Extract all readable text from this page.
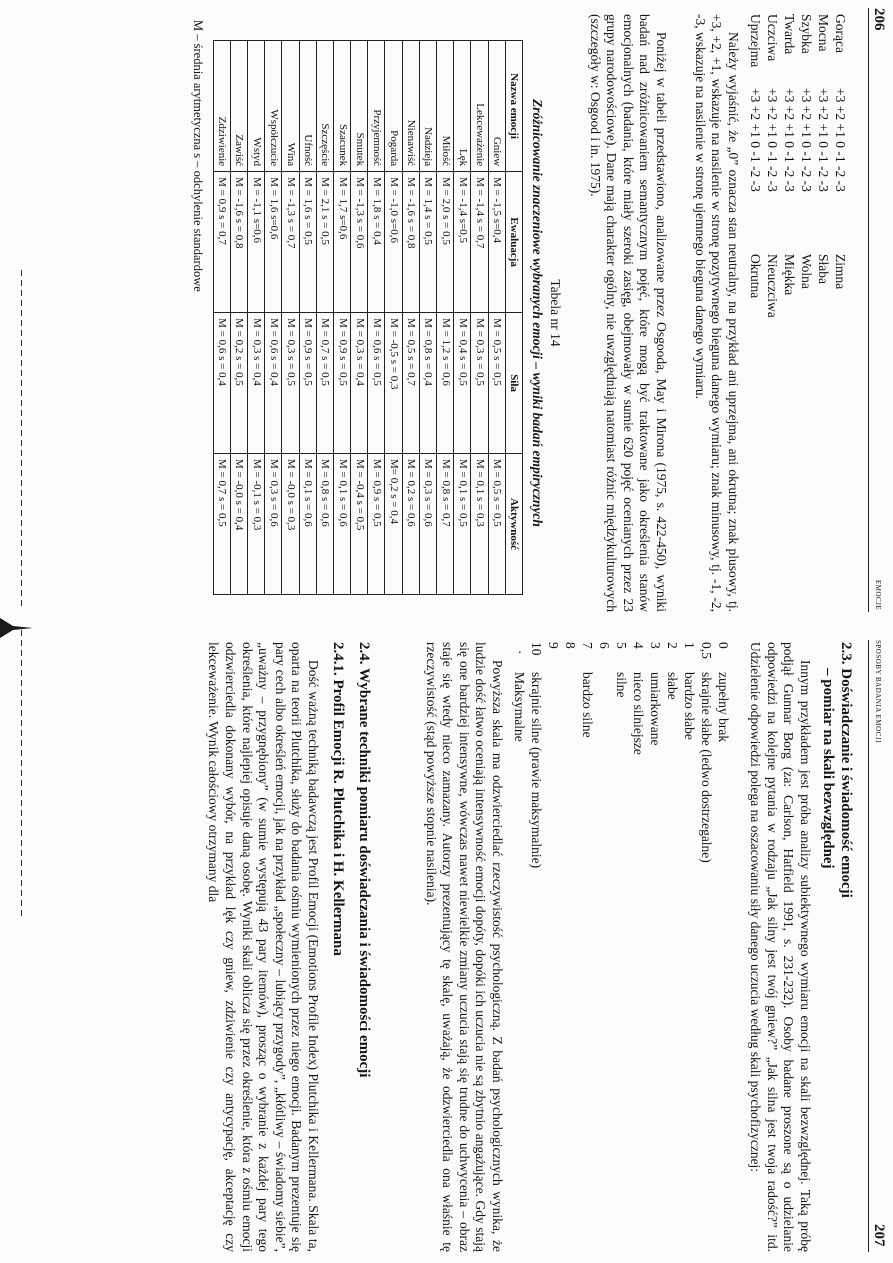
206
EMOCJE
Gorąca
+3 +2 +1 0 -1 -2 -3
Zimna
Mocna
+3 +2 +1 0 -1 -2 -3
Słaba
Szybka
+3 +2 +1 0 -1 -2 -3
Wolna
Twarda
+3 +2 +1 0 -1 -2 -3
Miękka
Uczciwa
+3 +2 +1 0 -1 -2 -3
Nieuczciwa
Uprzejma
+3 +2 +1 0 -1 -2 -3
Okrutna
Należy wyjaśnić, że „0” oznacza stan neutralny, na przykład ani uprzejma, ani okrutna; znak plusowy, tj. +3, +2, +1, wskazuje na nasilenie w stronę pozytywnego bieguna danego wymiaru; znak minusowy, tj. -1, -2, -3, wskazuje na nasilenie w stronę ujemnego bieguna danego wymiaru.
Poniżej w tabeli przedstawiono, analizowane przez Osgooda, May i Mirona (1975, s. 422-450), wyniki badań nad zróżnicowaniem semantycznym pojęć, które mogą być traktowane jako określenia stanów emocjonalnych (badania, które miały szeroki zasięg, obejmowały w sumie 620 pojęć ocenianych przez 23 grupy narodowościowe). Dane mają charakter ogólny, nie uwzględniają natomiast różnic międzykulturowych (szczegóły w: Osgood i in. 1975).
Tabela nr 14
Zróżnicowanie znaczeniowe wybranych emocji – wyniki badań empirycznych
Nazwa emocji	Ewaluacja	Siła	Aktywność
Gniew	M = -1,5 s=0,4	M = 0,5 s = 0,5	M = 0,5 s = 0,5
Lekceważenie	M = -1,4 s = 0,7	M = 0,3 s = 0,5	M = 0,1 s = 0,3
Lęk	M = -1,4 s=0,5	M = 0,4 s = 0,5	M = 0,1 s = 0,5
Miłość	M = 2,0 s = 0,5	M = 1,2 s = 0,6	M = 0,8 s = 0,7
Nadzieja	M = 1,4 s = 0,5	M = 0,8 s = 0,4	M = 0,3 s = 0,6
Nienawiść	M = -1,6 s = 0,8	M = 0,5 s = 0,7	M = 0,2 s = 0,6
Pogarda	M = -1,0 s=0,6	M = -0,5 s = 0,3	M= 0,2 s = 0,4
Przyjemność	M = 1,8 s = 0,4	M = 0,6 s = 0,5	M = 0,9 s = 0,5
Smutek	M = -1,3 s = 0,6	M = 0,3 s = 0,4	M = -0,4 s = 0,5
Szacunek	M = 1,7 s=0,6	M = 0,9 s = 0,5	M = 0,1 s = 0,6
Szczęście	M = 2,1 s = 0,5	M = 0,7 s = 0,5	M = 0,8 s = 0,6
Ufność	M = 1,6 s = 0,5	M = 0,9 s = 0,5	M = 0,1 s = 0,6
Wina	M = -1,3 s = 0,7	M = 0,3 s = 0,5	M = -0,0 s = 0,3
Współczucie	M = 1,6 s=0,6	M = 0,6 s = 0,4	M = 0,3 s = 0,6
Wstyd	M = -1,1 s=0,6	M = 0,3 s = 0,4	M = -0,1 s = 0,3
Zawiść	M = -1,6 s = 0,8	M = 0,2 s = 0,5	M = -0,0 s = 0,4
Zdziwienie	M = 0,9 s = 0,7	M = 0,6 s = 0,4	M = 0,7 s = 0,5
M – średnia arytmetyczna s – odchylenie standardowe
SPOSOBY BADANIA EMOCJI
207
2.3. Doświadczanie i świadomość emocji
– pomiar na skali bezwzględnej
Innym przykładem jest próba analizy subiektywnego wymiaru emocji na skali bezwzględnej. Taką próbę podjął Gunnar Borg (za: Carlson, Hatfield 1991, s. 231-232). Osoby badane proszone są o udzielanie odpowiedzi na kolejne pytania w rodzaju „Jak silny jest twój gniew?” „Jak silna jest twoja radość?” itd. Udzielenie odpowiedzi polega na oszacowaniu siły danego uczucia według skali psychofizycznej:
0
zupełny brak
0,5
skrajnie słabe (ledwo dostrzegalne)
1
bardzo słabe
2
słabe
3
umiarkowane
4
nieco silniejsze
5
silne
6
7
bardzo silne
8
9
10
skrajnie silne (prawie maksymalnie)
·
Maksymalne
Powyższa skala ma odzwierciedlać rzeczywistość psychologiczną. Z badań psychologicznych wynika, że ludzie dość łatwo oceniają intensywność emocji dopóty, dopóki ich uczucia nie są zbytnio angażujące. Gdy stają się one bardziej intensywne, wówczas nawet niewielkie zmiany uczucia stają się trudne do uchwycenia – obraz staje się wtedy nieco zamazany. Autorzy prezentujący tę skalę, uważają, że odzwierciedla ona właśnie tę rzeczywistość (stąd powyższe stopnie nasilenia).
2.4. Wybrane techniki pomiaru doświadczania i świadomości emocji
2.4.1. Profil Emocji R. Plutchika i H. Kellermana
Dość ważną techniką badawczą jest Profil Emocji (Emotions Profile Index) Plutchika i Kellermana. Skala ta, oparta na teorii Plutchika, służy do badania ośmiu wymienionych przez niego emocji. Badanym prezentuje się pary cech albo określeń emocji, jak na przykład „społeczny – lubiący przygody”, „kłótliwy – świadomy siebie”, „uważny – przygnębiony” (w sumie występują 43 pary itemów), prosząc o wybranie z każdej pary tego określenia, które najlepiej opisuje daną osobę. Wyniki skali oblicza się przez określenie, która z ośmiu emocji odzwierciedla dokonany wybór, na przykład lęk czy gniew, zdziwienie czy antycypację, akceptację czy lekceważenie. Wynik całościowy otrzymany dla
